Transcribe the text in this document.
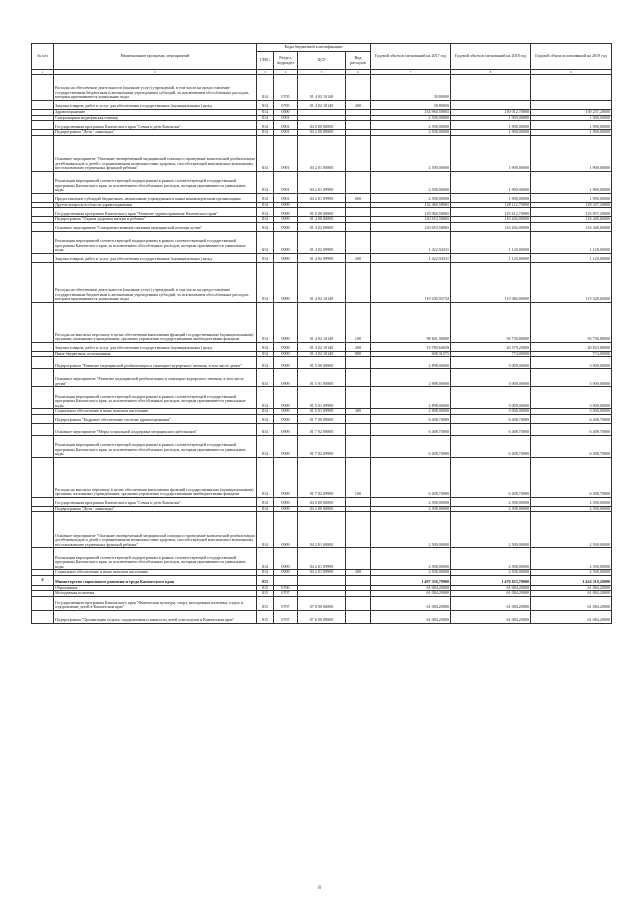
№ п/п	Наименование программ, мероприятий	Коды бюджетной классификации				Годовой объем ассигнований на 2017 год	Годовой объем ассигнований на 2018 год	Годовой объем ассигнований на 2019 год
		ГРБС	Раздел, подраздел	ЦСР	Вид расходов			
1	2	3	4	5	6	7	8	9
	Расходы на обеспечение деятельности (оказание услуг) учреждений, в том числе на предоставление государственным бюджетным и автономным учреждениям субсидий, за исключением обособленных расходов, которым присваиваются уникальные коды	814	0705	01 4 02 10140		39,80000		
	Закупка товаров, работ и услуг для обеспечения государственных (муниципальных) нужд	814	0705	01 4 02 10140	200	39,80000		
	Здравоохранение	814	0900			134 960,58065	130 012,70000	130 257,20000
	Стационарная медицинская помощь	814	0901			2 500,00000	1 900,00000	1 900,00000
	Государственная программа Камчатского края "Семья и дети Камчатки"	814	0901	04 0 00 00000		2 500,00000	1 900,00000	1 900,00000
	Подпрограмма "Дети - инвалиды"	814	0901	04 2 00 00000		2 500,00000	1 900,00000	1 900,00000
	Основное мероприятие "Оказание своевременной медицинской помощи и проведение комплексной реабилитации детей-инвалидов и детей с ограниченными возможностями здоровья, способствующей максимально возможному восстановлению утраченных функций ребенка"	814	0901	04 2 01 00000		2 500,00000	1 900,00000	1 900,00000
	Реализация мероприятий соответствующей подпрограммы в рамках соответствующей государственной программы Камчатского края, за исключением обособленных расходов, которым присваиваются уникальные коды	814	0901	04 2 01 09990		2 500,00000	1 900,00000	1 900,00000
	Предоставление субсидий бюджетным, автономным учреждениям и иным некоммерческим организациям	814	0901	04 2 01 09990	600	2 500,00000	1 900,00000	1 900,00000
	Другие вопросы в области здравоохранения	814	0909			132 460,58065	128 112,70000	128 357,20000
	Государственная программа Камчатского края "Развитие здравоохранения Камчатского края"	814	0909	01 0 00 00000		129 960,58065	125 612,70000	125 857,20000
	Подпрограмма "Охрана здоровья матери и ребенка"	814	0909	01 4 00 00000		120 653,58065	116 204,00000	116 448,60000
	Основное мероприятие "Совершенствование оказания медицинской помощи детям"	814	0909	01 4 02 00000		120 653,58065	116 204,00000	116 448,60000
	Реализация мероприятий соответствующей подпрограммы в рамках соответствующей государственной программы Камчатского края, за исключением обособленных расходов, которым присваиваются уникальные коды	814	0909	01 4 02 09990		1 422,94331	1 120,00000	1 120,00000
	Закупка товаров, работ и услуг для обеспечения государственных (муниципальных) нужд	814	0909	01 4 02 09990	200	1 422,94331	1 120,00000	1 120,00000
	Расходы на обеспечение деятельности (оказание услуг) учреждений, в том числе на предоставление государственным бюджетным и автономным учреждениям субсидий, за исключением обособленных расходов, которым присваиваются уникальные коды	814	0909	01 4 02 10140		119 230,93734	115 084,00000	115 328,60000
	Расходы на выплаты персоналу в целях обеспечения выполнения функций государственными (муниципальными) органами, казенными учреждениями, органами управления государственными внебюджетными фондами	814	0909	01 4 02 10140	100	98 841,98000	93 730,80000	93 730,80000
	Закупка товаров, работ и услуг для обеспечения государственных (муниципальных) нужд	814	0909	01 4 02 10140	200	19 780,64659	20 579,20000	20 823,80000
	Иные бюджетные ассигнования	814	0909	01 4 02 10140	800	608,31075	774,00000	774,00000
	Подпрограмма "Развитие медицинской реабилитации и санаторно-курортного лечения, в том числе детям"	814	0909	01 5 00 00000		2 898,00000	3 000,00000	3 000,00000
	Основное мероприятие "Развитие медицинской реабилитации и санаторно-курортного лечения, в том числе детям"	814	0909	01 5 01 00000		2 898,00000	3 000,00000	3 000,00000
	Реализация мероприятий соответствующей подпрограммы в рамках соответствующей государственной программы Камчатского края, за исключением обособленных расходов, которым присваиваются уникальные коды	814	0909	01 5 01 09990		2 898,00000	3 000,00000	3 000,00000
	Социальное обеспечение и иные выплаты населению	814	0909	01 5 01 09990	300	2 898,00000	3 000,00000	3 000,00000
	Подпрограмма "Кадровое обеспечение системы здравоохранения"	814	0909	01 7 00 00000		6 408,70000	6 408,70000	6 408,70000
	Основное мероприятие "Меры социальной поддержки медицинских работников"	814	0909	01 7 02 00000		6 408,70000	6 408,70000	6 408,70000
	Реализация мероприятий соответствующей подпрограммы в рамках соответствующей государственной программы Камчатского края, за исключением обособленных расходов, которым присваиваются уникальные коды	814	0909	01 7 02 09990		6 408,70000	6 408,70000	6 408,70000
	Расходы на выплаты персоналу в целях обеспечения выполнения функций государственными (муниципальными) органами, казенными учреждениями, органами управления государственными внебюджетными фондами	814	0909	01 7 02 09990	100	6 408,70000	6 408,70000	6 408,70000
	Государственная программа Камчатского края "Семья и дети Камчатки"	814	0909	04 0 00 00000		2 500,00000	2 500,00000	2 500,00000
	Подпрограмма "Дети - инвалиды"	814	0909	04 2 00 00000		2 500,00000	2 500,00000	2 500,00000
	Основное мероприятие "Оказание своевременной медицинской помощи и проведение комплексной реабилитации детей-инвалидов и детей с ограниченными возможностями здоровья, способствующей максимально возможному восстановлению утраченных функций ребенка"	814	0909	04 2 01 00000		2 500,00000	2 500,00000	2 500,00000
	Реализация мероприятий соответствующей подпрограммы в рамках соответствующей государственной программы Камчатского края, за исключением обособленных расходов, которым присваиваются уникальные коды	814	0909	04 2 01 09990		2 500,00000	2 500,00000	2 500,00000
	Социальное обеспечение и иные выплаты населению	814	0909	04 2 01 09990	300	2 500,00000	2 500,00000	2 500,00000
6	Министерство социального развития и труда Камчатского края	815				1 497 356,79900	1 470 833,70000	1 424 319,20000
	Образование	815	0700			61 084,20000	61 084,20000	61 084,20000
	Молодежная политика	815	0707			61 084,20000	61 084,20000	61 084,20000
	Государственная программа Камчатского края "Физическая культура, спорт, молодежная политика, отдых и оздоровление детей в Камчатском крае"	815	0707	07 0 00 00000		61 084,20000	61 084,20000	61 084,20000
	Подпрограмма "Организация отдыха, оздоровления и занятости детей и молодежи в Камчатском крае"	815	0707	07 6 00 00000		61 084,20000	61 084,20000	61 084,20000
8
